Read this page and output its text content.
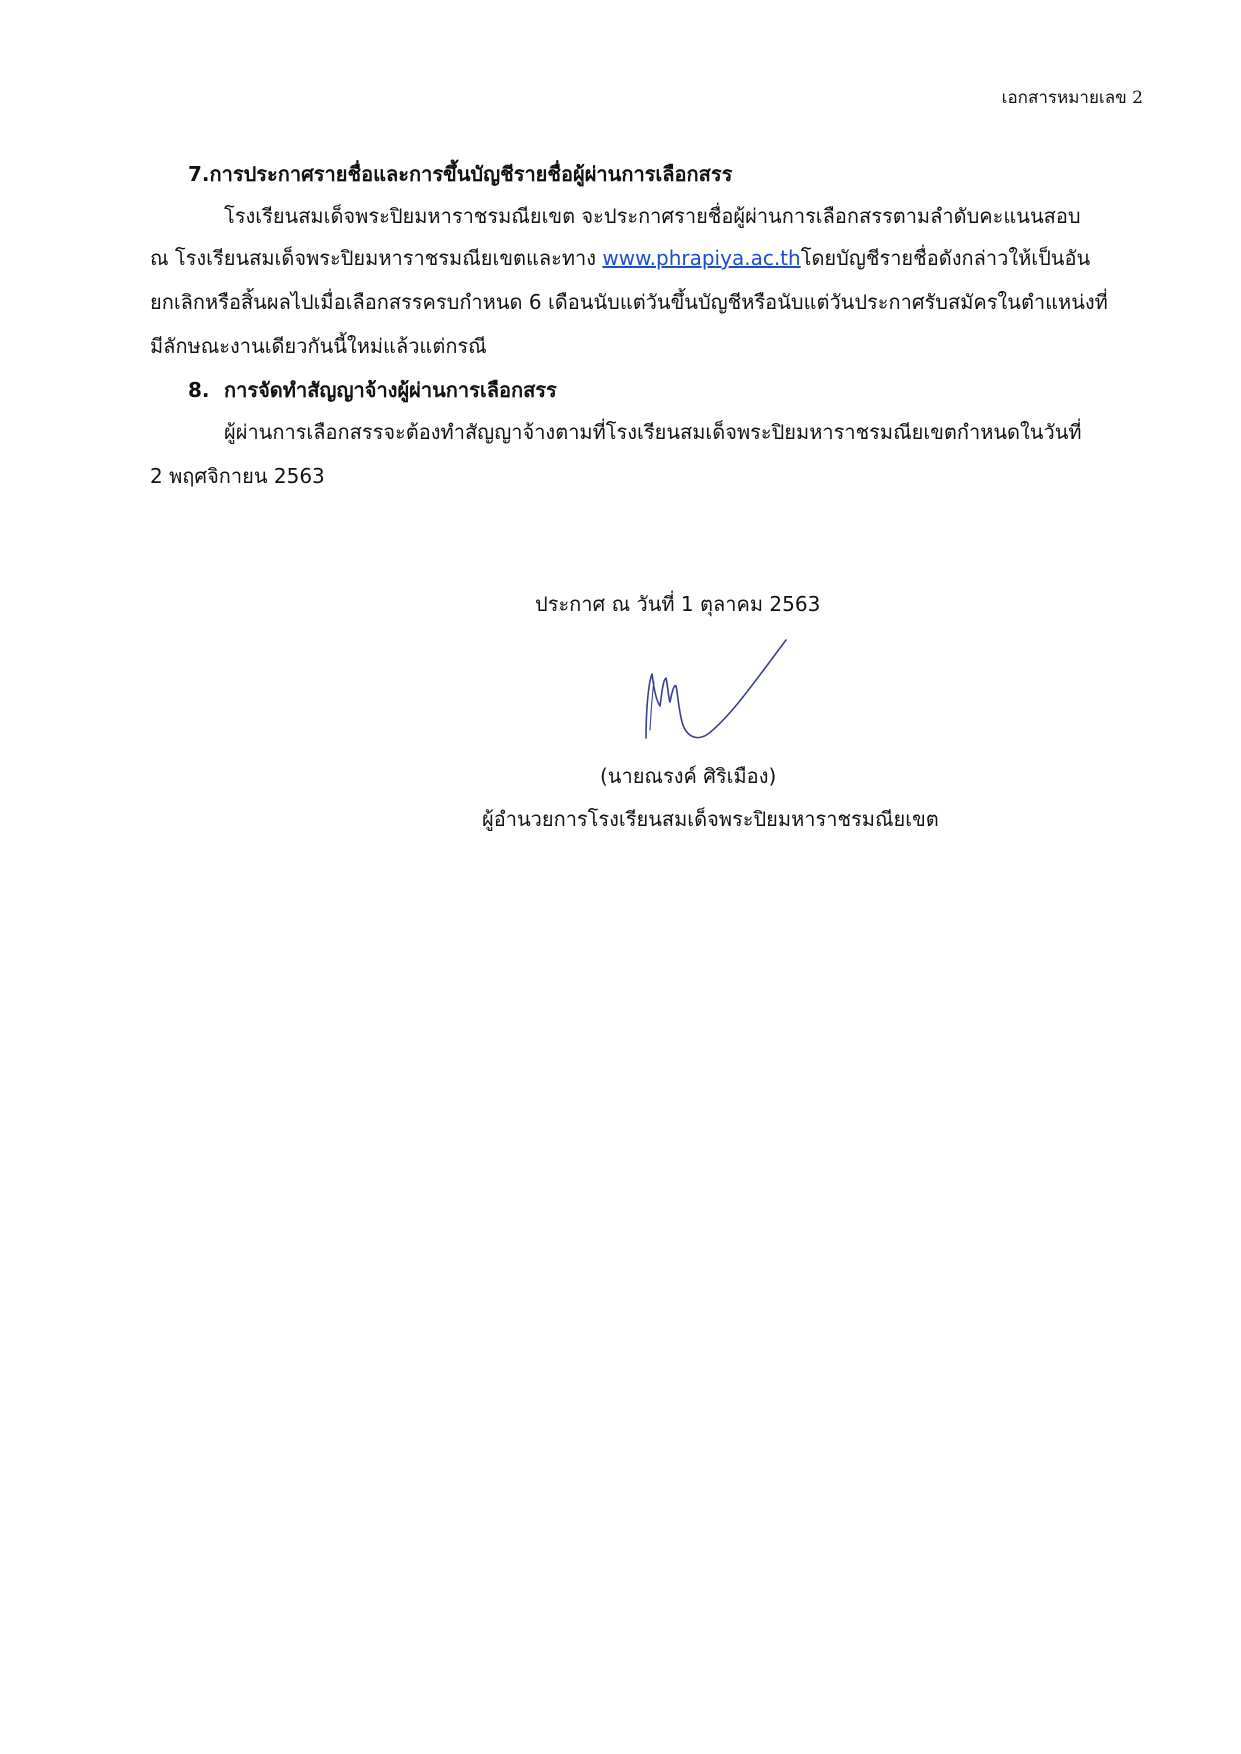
เอกสารหมายเลข 2
7.การประกาศรายชื่อและการขึ้นบัญชีรายชื่อผู้ผ่านการเลือกสรร
โรงเรียนสมเด็จพระปิยมหาราชรมณียเขต จะประกาศรายชื่อผู้ผ่านการเลือกสรรตามลำดับคะแนนสอบ
ณ โรงเรียนสมเด็จพระปิยมหาราชรมณียเขตและทาง www.phrapiya.ac.thโดยบัญชีรายชื่อดังกล่าวให้เป็นอัน
ยกเลิกหรือสิ้นผลไปเมื่อเลือกสรรครบกำหนด 6 เดือนนับแต่วันขึ้นบัญชีหรือนับแต่วันประกาศรับสมัครในตำแหน่งที่
มีลักษณะงานเดียวกันนี้ใหม่แล้วแต่กรณี
8. การจัดทำสัญญาจ้างผู้ผ่านการเลือกสรร
ผู้ผ่านการเลือกสรรจะต้องทำสัญญาจ้างตามที่โรงเรียนสมเด็จพระปิยมหาราชรมณียเขตกำหนดในวันที่
2 พฤศจิกายน 2563
ประกาศ ณ วันที่ 1 ตุลาคม 2563
(นายณรงค์ ศิริเมือง)
ผู้อำนวยการโรงเรียนสมเด็จพระปิยมหาราชรมณียเขต
